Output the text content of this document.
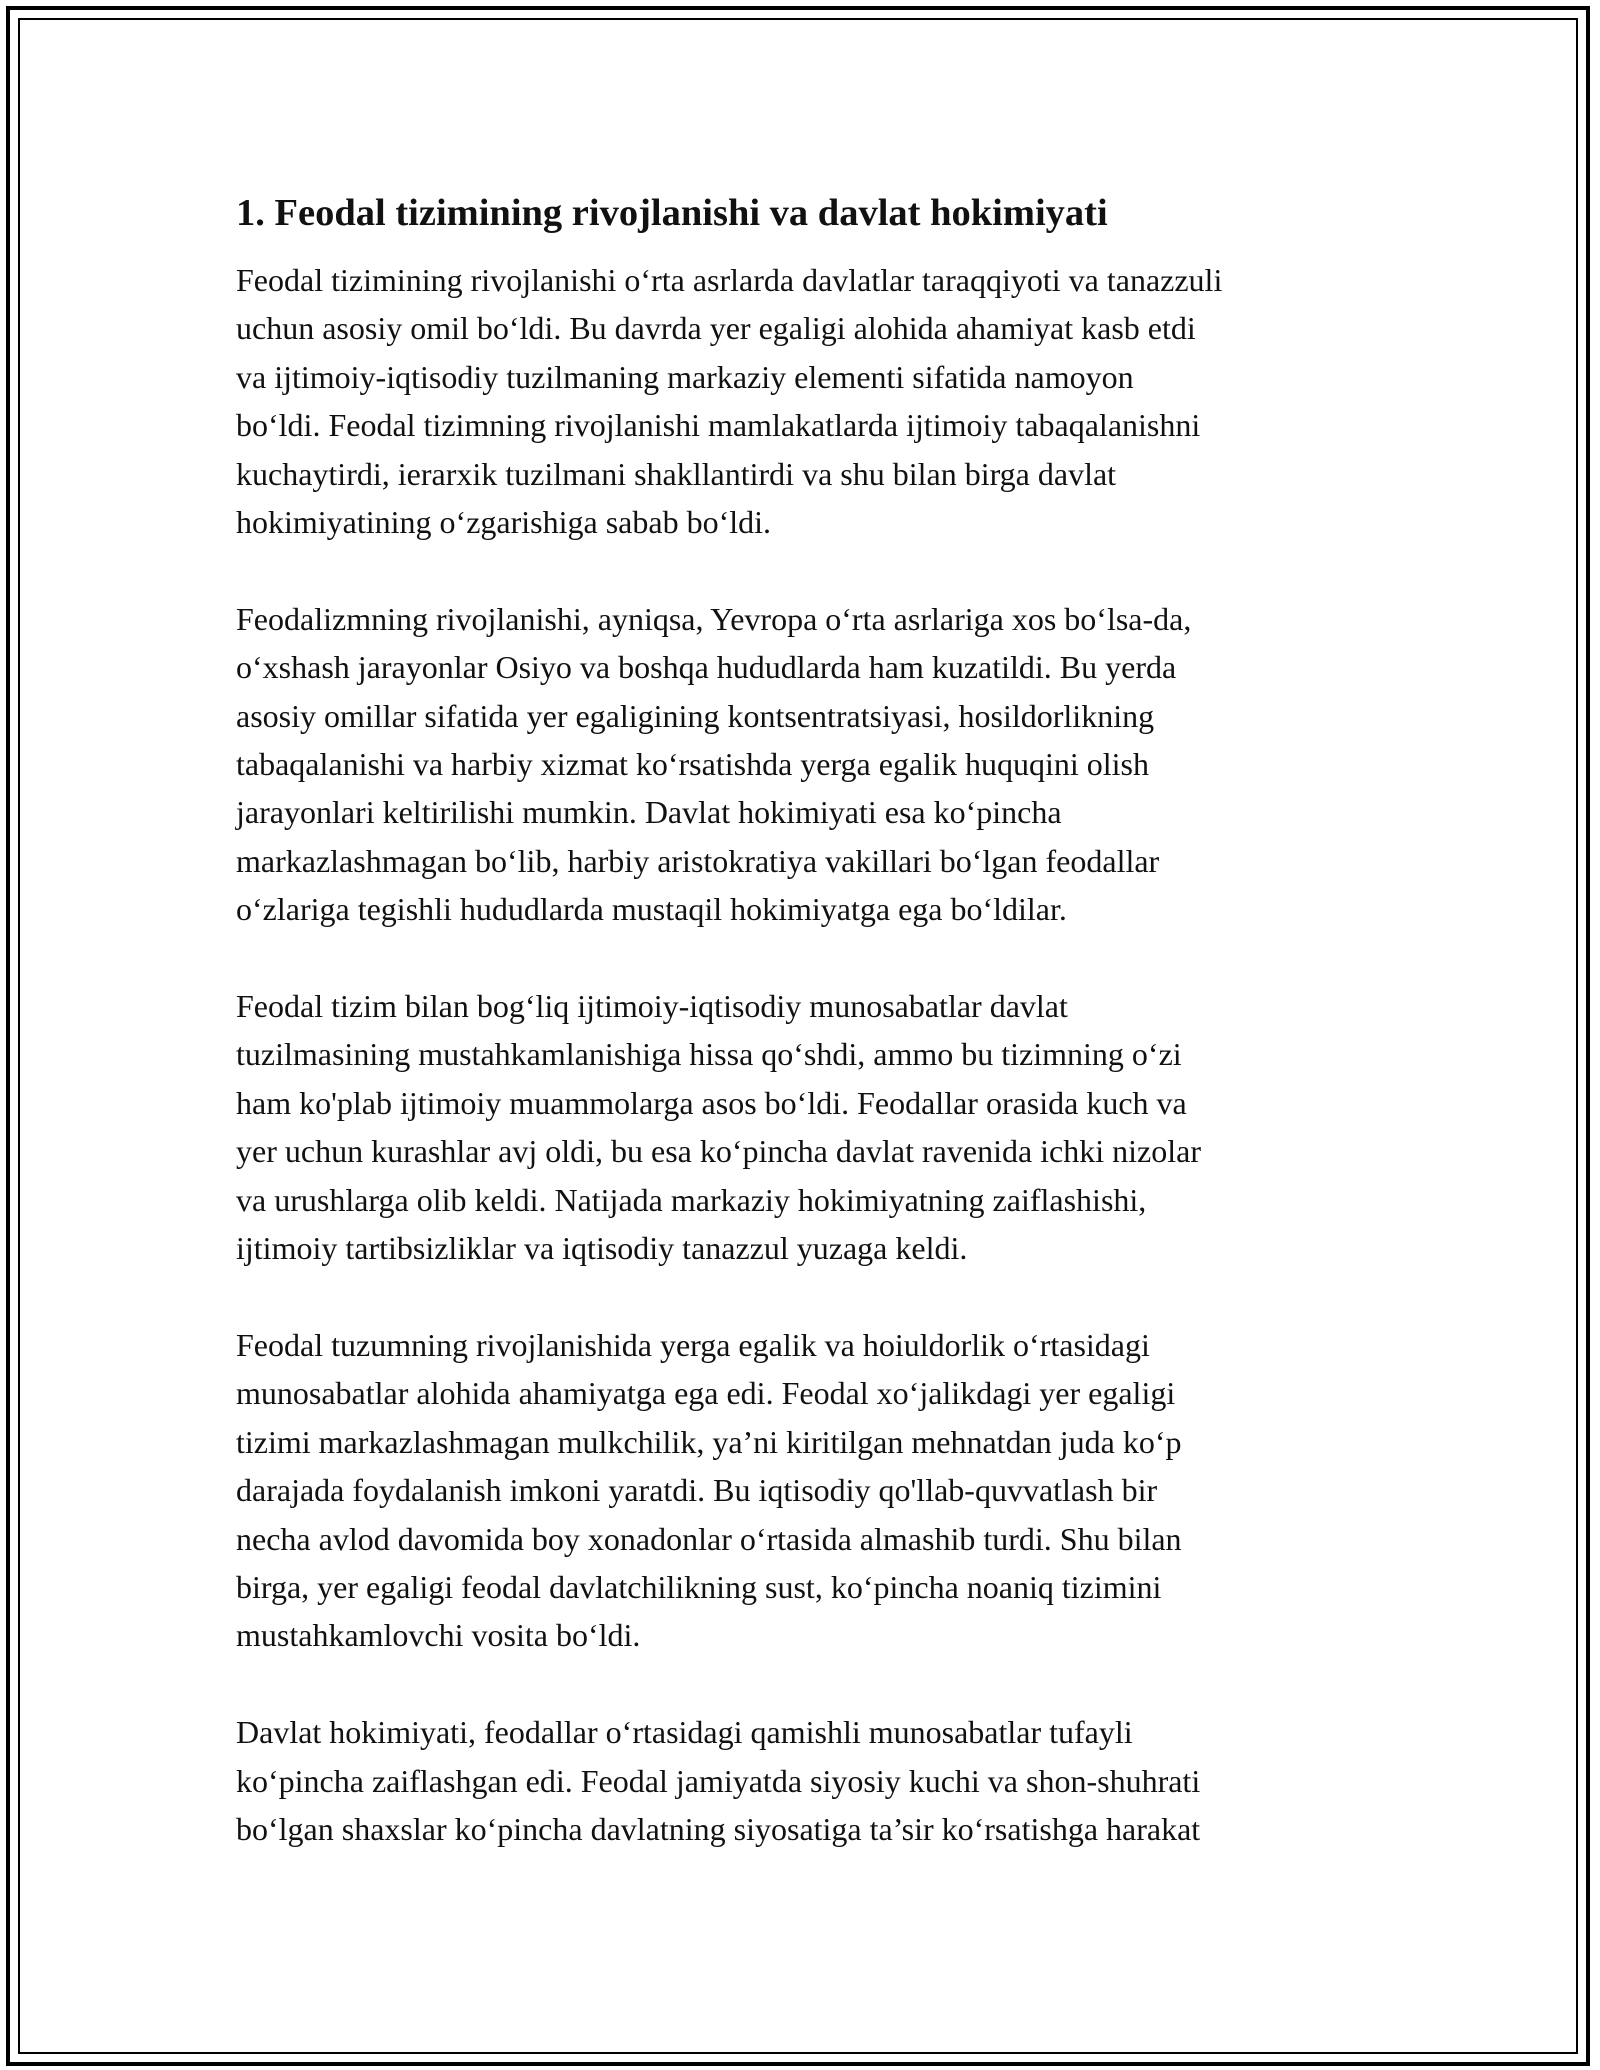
1. Feodal tizimining rivojlanishi va davlat hokimiyati

Feodal tizimining rivojlanishi o‘rta asrlarda davlatlar taraqqiyoti va tanazzuli
uchun asosiy omil bo‘ldi. Bu davrda yer egaligi alohida ahamiyat kasb etdi
va ijtimoiy-iqtisodiy tuzilmaning markaziy elementi sifatida namoyon
bo‘ldi. Feodal tizimning rivojlanishi mamlakatlarda ijtimoiy tabaqalanishni
kuchaytirdi, ierarxik tuzilmani shakllantirdi va shu bilan birga davlat
hokimiyatining o‘zgarishiga sabab bo‘ldi.

Feodalizmning rivojlanishi, ayniqsa, Yevropa o‘rta asrlariga xos bo‘lsa-da,
o‘xshash jarayonlar Osiyo va boshqa hududlarda ham kuzatildi. Bu yerda
asosiy omillar sifatida yer egaligining kontsentratsiyasi, hosildorlikning
tabaqalanishi va harbiy xizmat ko‘rsatishda yerga egalik huquqini olish
jarayonlari keltirilishi mumkin. Davlat hokimiyati esa ko‘pincha
markazlashmagan bo‘lib, harbiy aristokratiya vakillari bo‘lgan feodallar
o‘zlariga tegishli hududlarda mustaqil hokimiyatga ega bo‘ldilar.

Feodal tizim bilan bog‘liq ijtimoiy-iqtisodiy munosabatlar davlat
tuzilmasining mustahkamlanishiga hissa qo‘shdi, ammo bu tizimning o‘zi
ham ko'plab ijtimoiy muammolarga asos bo‘ldi. Feodallar orasida kuch va
yer uchun kurashlar avj oldi, bu esa ko‘pincha davlat ravenida ichki nizolar
va urushlarga olib keldi. Natijada markaziy hokimiyatning zaiflashishi,
ijtimoiy tartibsizliklar va iqtisodiy tanazzul yuzaga keldi.

Feodal tuzumning rivojlanishida yerga egalik va hoiuldorlik o‘rtasidagi
munosabatlar alohida ahamiyatga ega edi. Feodal xo‘jalikdagi yer egaligi
tizimi markazlashmagan mulkchilik, ya’ni kiritilgan mehnatdan juda ko‘p
darajada foydalanish imkoni yaratdi. Bu iqtisodiy qo'llab-quvvatlash bir
necha avlod davomida boy xonadonlar o‘rtasida almashib turdi. Shu bilan
birga, yer egaligi feodal davlatchilikning sust, ko‘pincha noaniq tizimini
mustahkamlovchi vosita bo‘ldi.

Davlat hokimiyati, feodallar o‘rtasidagi qamishli munosabatlar tufayli
ko‘pincha zaiflashgan edi. Feodal jamiyatda siyosiy kuchi va shon-shuhrati
bo‘lgan shaxslar ko‘pincha davlatning siyosatiga ta’sir ko‘rsatishga harakat
